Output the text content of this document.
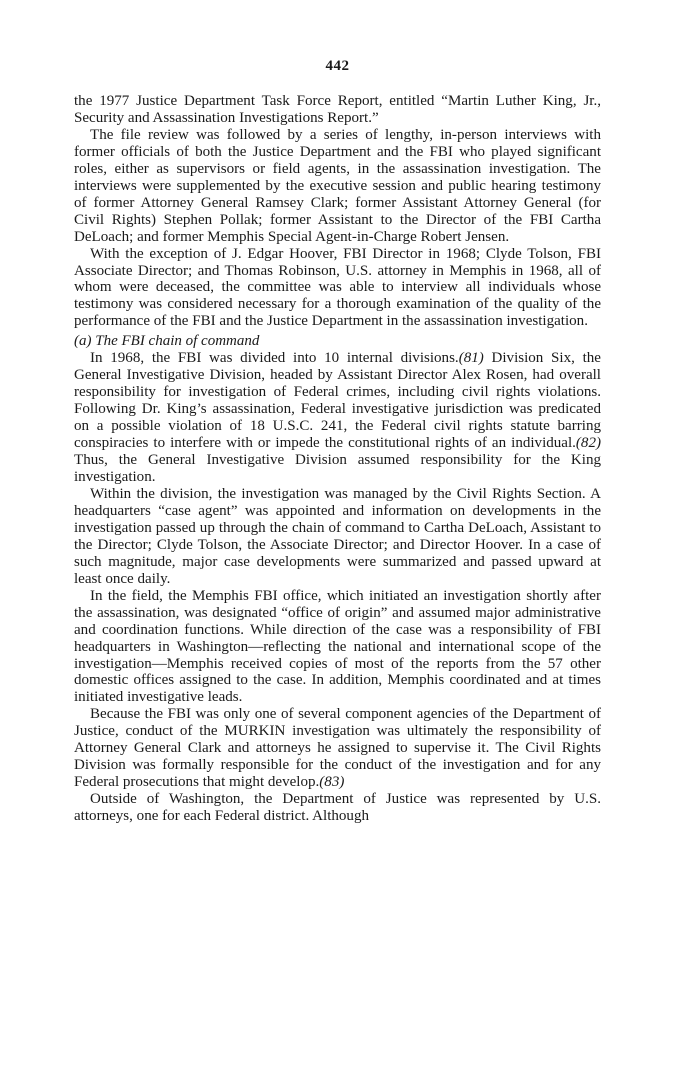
442

the 1977 Justice Department Task Force Report, entitled “Martin Luther King, Jr., Security and Assassination Investigations Report.”

The file review was followed by a series of lengthy, in-person interviews with former officials of both the Justice Department and the FBI who played significant roles, either as supervisors or field agents, in the assassination investigation. The interviews were supplemented by the executive session and public hearing testimony of former Attorney General Ramsey Clark; former Assistant Attorney General (for Civil Rights) Stephen Pollak; former Assistant to the Director of the FBI Cartha DeLoach; and former Memphis Special Agent-in-Charge Robert Jensen.

With the exception of J. Edgar Hoover, FBI Director in 1968; Clyde Tolson, FBI Associate Director; and Thomas Robinson, U.S. attorney in Memphis in 1968, all of whom were deceased, the committee was able to interview all individuals whose testimony was considered necessary for a thorough examination of the quality of the performance of the FBI and the Justice Department in the assassination investigation.

(a) The FBI chain of command

In 1968, the FBI was divided into 10 internal divisions.(81) Division Six, the General Investigative Division, headed by Assistant Director Alex Rosen, had overall responsibility for investigation of Federal crimes, including civil rights violations. Following Dr. King’s assassination, Federal investigative jurisdiction was predicated on a possible violation of 18 U.S.C. 241, the Federal civil rights statute barring conspiracies to interfere with or impede the constitutional rights of an individual.(82) Thus, the General Investigative Division assumed responsibility for the King investigation.

Within the division, the investigation was managed by the Civil Rights Section. A headquarters “case agent” was appointed and information on developments in the investigation passed up through the chain of command to Cartha DeLoach, Assistant to the Director; Clyde Tolson, the Associate Director; and Director Hoover. In a case of such magnitude, major case developments were summarized and passed upward at least once daily.

In the field, the Memphis FBI office, which initiated an investigation shortly after the assassination, was designated “office of origin” and assumed major administrative and coordination functions. While direction of the case was a responsibility of FBI headquarters in Washington—reflecting the national and international scope of the investigation—Memphis received copies of most of the reports from the 57 other domestic offices assigned to the case. In addition, Memphis coordinated and at times initiated investigative leads.

Because the FBI was only one of several component agencies of the Department of Justice, conduct of the MURKIN investigation was ultimately the responsibility of Attorney General Clark and attorneys he assigned to supervise it. The Civil Rights Division was formally responsible for the conduct of the investigation and for any Federal prosecutions that might develop.(83)

Outside of Washington, the Department of Justice was represented by U.S. attorneys, one for each Federal district. Although
